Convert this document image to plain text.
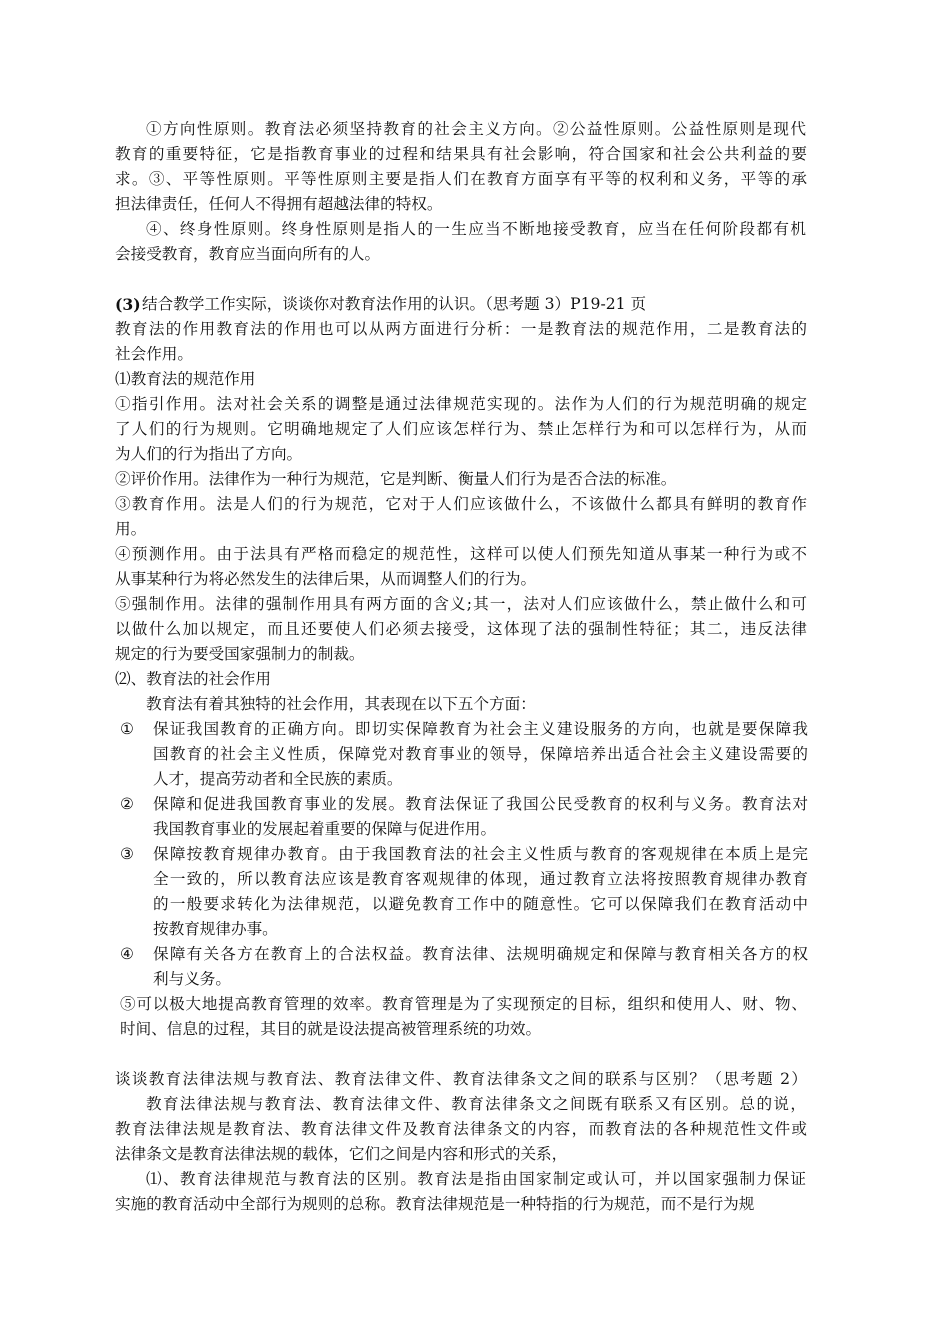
①方向性原则。教育法必须坚持教育的社会主义方向。②公益性原则。公益性原则是现代
教育的重要特征，它是指教育事业的过程和结果具有社会影响，符合国家和社会公共利益的要
求。③、平等性原则。平等性原则主要是指人们在教育方面享有平等的权利和义务，平等的承
担法律责任，任何人不得拥有超越法律的特权。
④、终身性原则。终身性原则是指人的一生应当不断地接受教育，应当在任何阶段都有机
会接受教育，教育应当面向所有的人。
(3) 结合教学工作实际，谈谈你对教育法作用的认识。（思考题 3）P19-21 页
教育法的作用教育法的作用也可以从两方面进行分析：一是教育法的规范作用，二是教育法的
社会作用。
⑴教育法的规范作用
①指引作用。法对社会关系的调整是通过法律规范实现的。法作为人们的行为规范明确的规定
了人们的行为规则。它明确地规定了人们应该怎样行为、禁止怎样行为和可以怎样行为，从而
为人们的行为指出了方向。
②评价作用。法律作为一种行为规范，它是判断、衡量人们行为是否合法的标准。
③教育作用。法是人们的行为规范，它对于人们应该做什么，不该做什么都具有鲜明的教育作
用。
④预测作用。由于法具有严格而稳定的规范性，这样可以使人们预先知道从事某一种行为或不
从事某种行为将必然发生的法律后果，从而调整人们的行为。
⑤强制作用。法律的强制作用具有两方面的含义;其一，法对人们应该做什么，禁止做什么和可
以做什么加以规定，而且还要使人们必须去接受，这体现了法的强制性特征；其二，违反法律
规定的行为要受国家强制力的制裁。
⑵、教育法的社会作用
教育法有着其独特的社会作用，其表现在以下五个方面：
①	保证我国教育的正确方向。即切实保障教育为社会主义建设服务的方向，也就是要保障我
国教育的社会主义性质，保障党对教育事业的领导，保障培养出适合社会主义建设需要的
人才，提高劳动者和全民族的素质。
②	保障和促进我国教育事业的发展。教育法保证了我国公民受教育的权利与义务。教育法对
我国教育事业的发展起着重要的保障与促进作用。
③	保障按教育规律办教育。由于我国教育法的社会主义性质与教育的客观规律在本质上是完
全一致的，所以教育法应该是教育客观规律的体现，通过教育立法将按照教育规律办教育
的一般要求转化为法律规范，以避免教育工作中的随意性。它可以保障我们在教育活动中
按教育规律办事。
④	保障有关各方在教育上的合法权益。教育法律、法规明确规定和保障与教育相关各方的权
利与义务。
⑤可以极大地提高教育管理的效率。教育管理是为了实现预定的目标，组织和使用人、财、物、
时间、信息的过程，其目的就是设法提高被管理系统的功效。
谈谈教育法律法规与教育法、教育法律文件、教育法律条文之间的联系与区别？（思考题 2）
教育法律法规与教育法、教育法律文件、教育法律条文之间既有联系又有区别。总的说，
教育法律法规是教育法、教育法律文件及教育法律条文的内容，而教育法的各种规范性文件或
法律条文是教育法律法规的载体，它们之间是内容和形式的关系，
⑴、教育法律规范与教育法的区别。教育法是指由国家制定或认可，并以国家强制力保证
实施的教育活动中全部行为规则的总称。教育法律规范是一种特指的行为规范，而不是行为规
